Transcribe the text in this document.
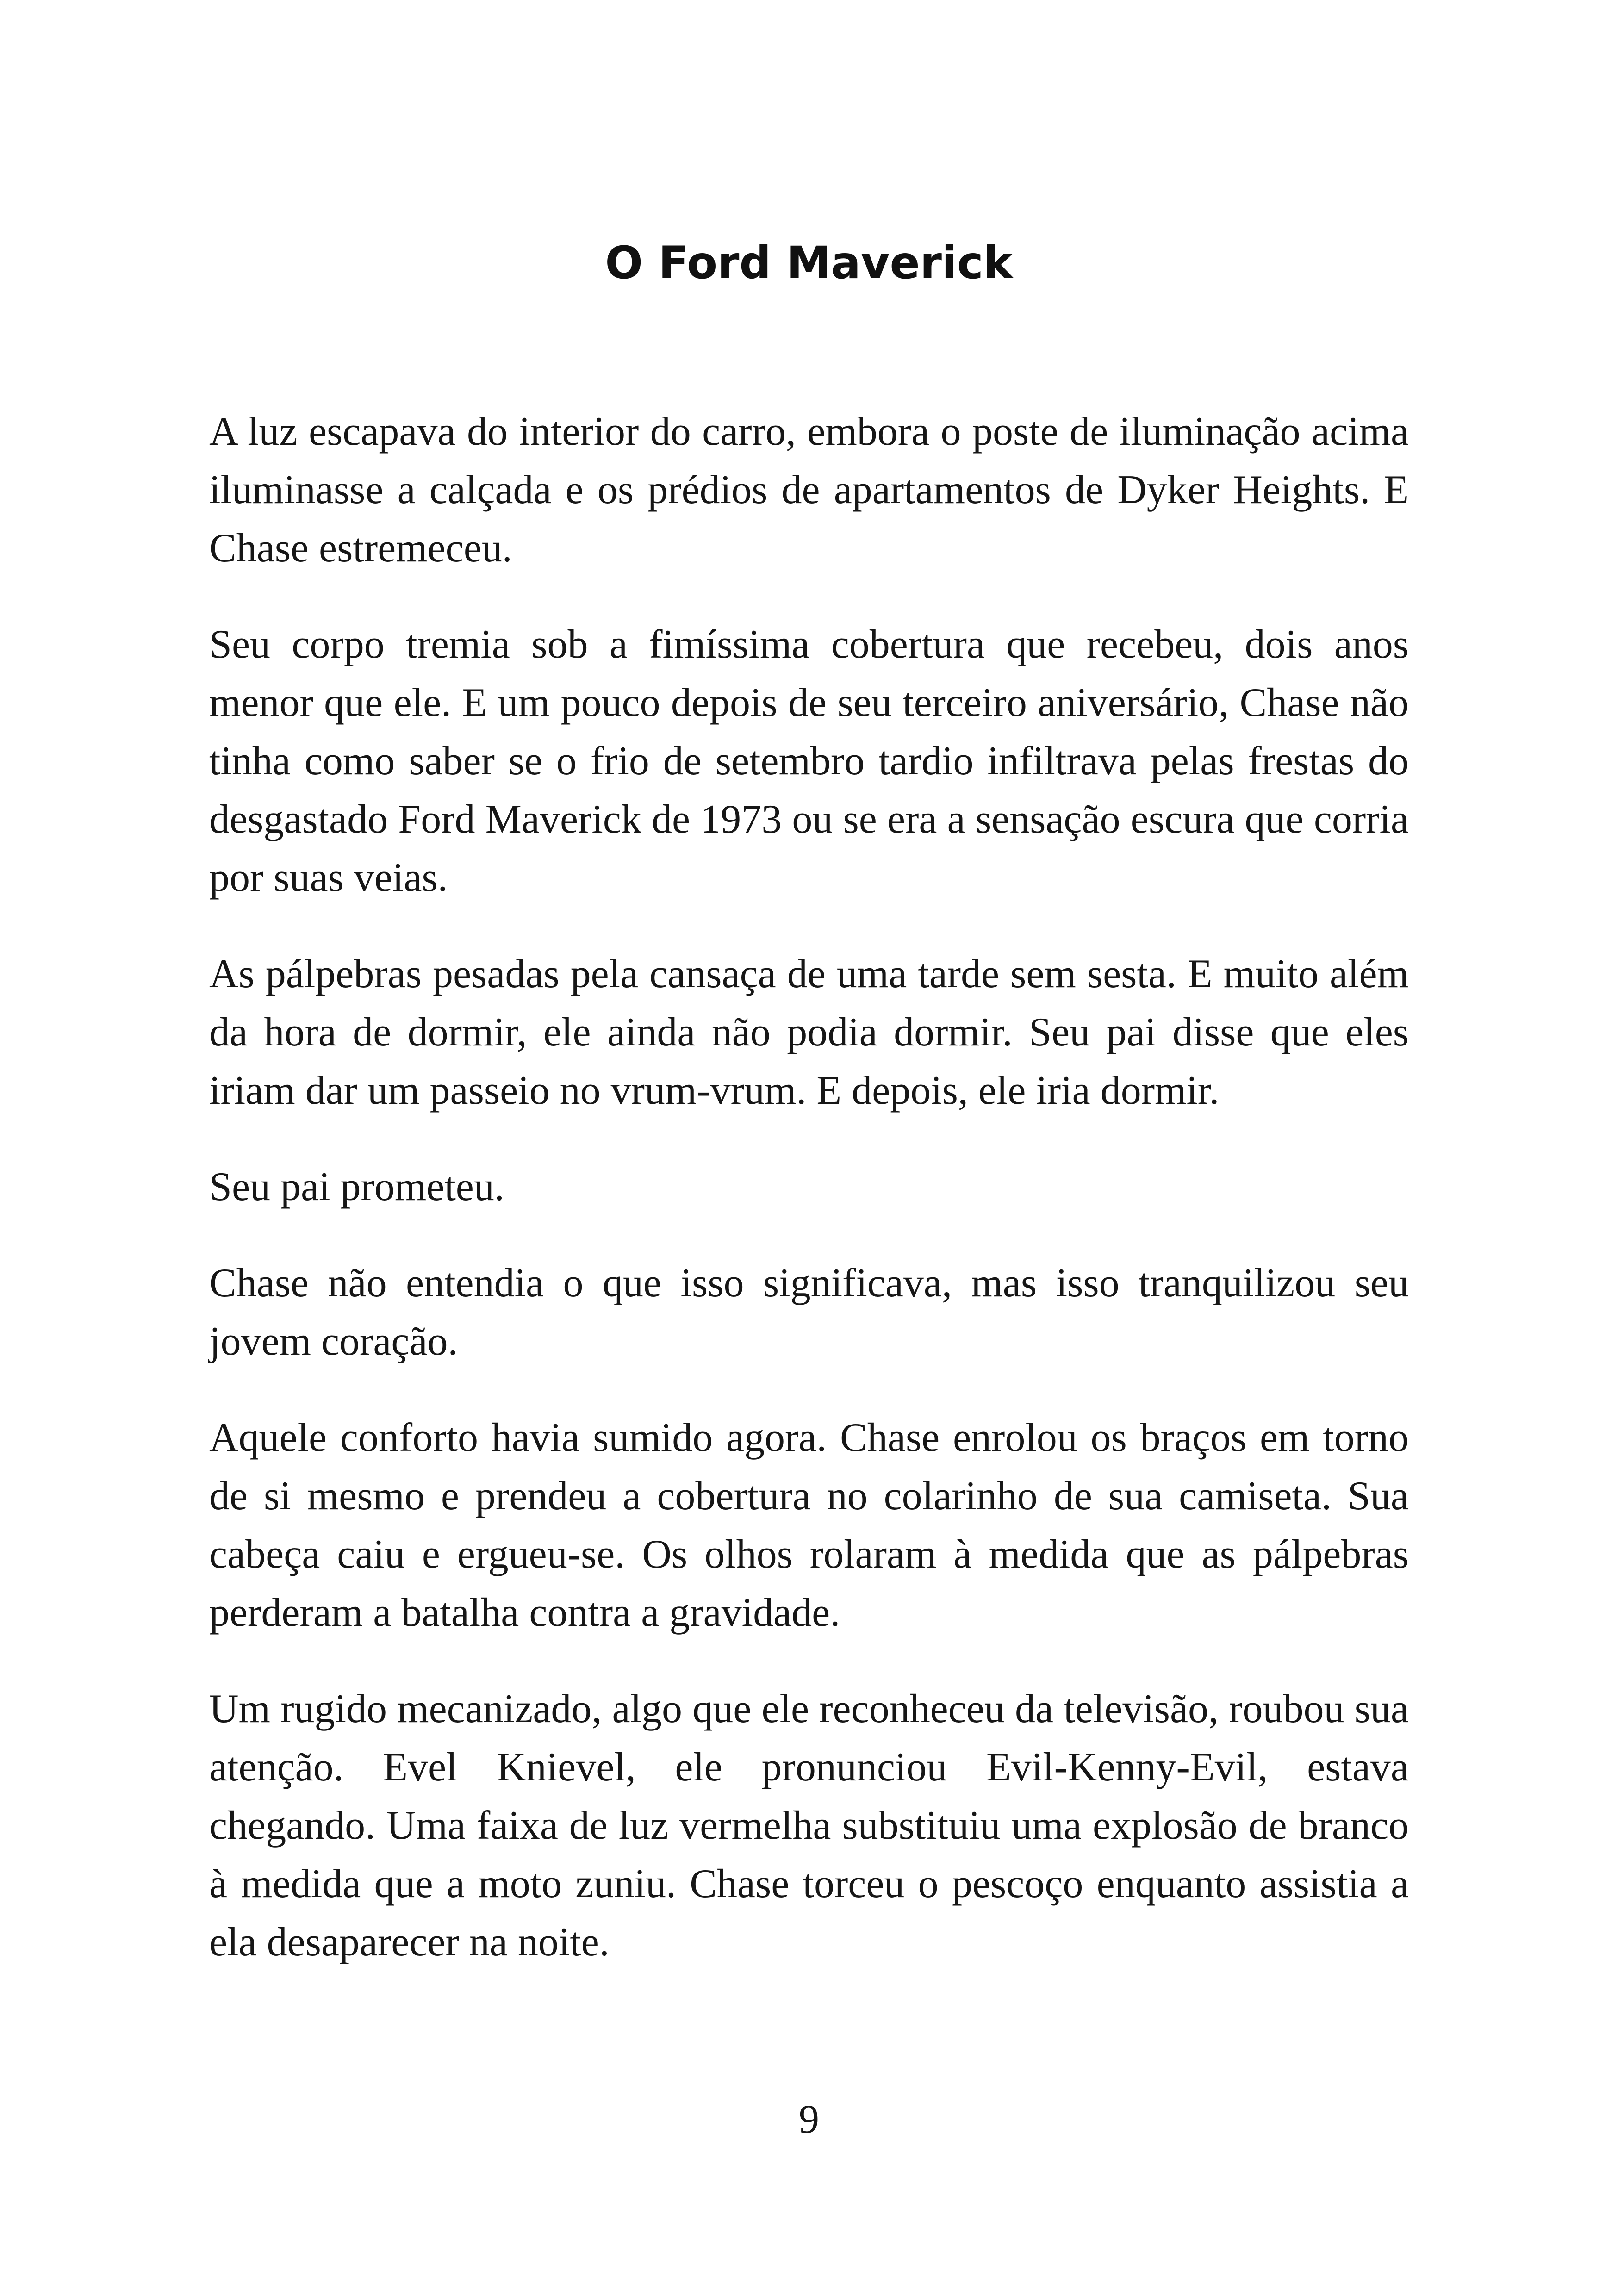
O Ford Maverick

A luz escapava do interior do carro, embora o poste de iluminação acima iluminasse a calçada e os prédios de apartamentos de Dyker Heights. E Chase estremeceu.

Seu corpo tremia sob a fimíssima cobertura que recebeu, dois anos menor que ele. E um pouco depois de seu terceiro aniversário, Chase não tinha como saber se o frio de setembro tardio infiltrava pelas frestas do desgastado Ford Maverick de 1973 ou se era a sensação escura que corria por suas veias.

As pálpebras pesadas pela cansaça de uma tarde sem sesta. E muito além da hora de dormir, ele ainda não podia dormir. Seu pai disse que eles iriam dar um passeio no vrum-vrum. E depois, ele iria dormir.

Seu pai prometeu.

Chase não entendia o que isso significava, mas isso tranquilizou seu jovem coração.

Aquele conforto havia sumido agora. Chase enrolou os braços em torno de si mesmo e prendeu a cobertura no colarinho de sua camiseta. Sua cabeça caiu e ergueu-se. Os olhos rolaram à medida que as pálpebras perderam a batalha contra a gravidade.

Um rugido mecanizado, algo que ele reconheceu da televisão, roubou sua atenção. Evel Knievel, ele pronunciou Evil-Kenny-Evil, estava chegando. Uma faixa de luz vermelha substituiu uma explosão de branco à medida que a moto zuniu. Chase torceu o pescoço enquanto assistia a ela desaparecer na noite.

9
